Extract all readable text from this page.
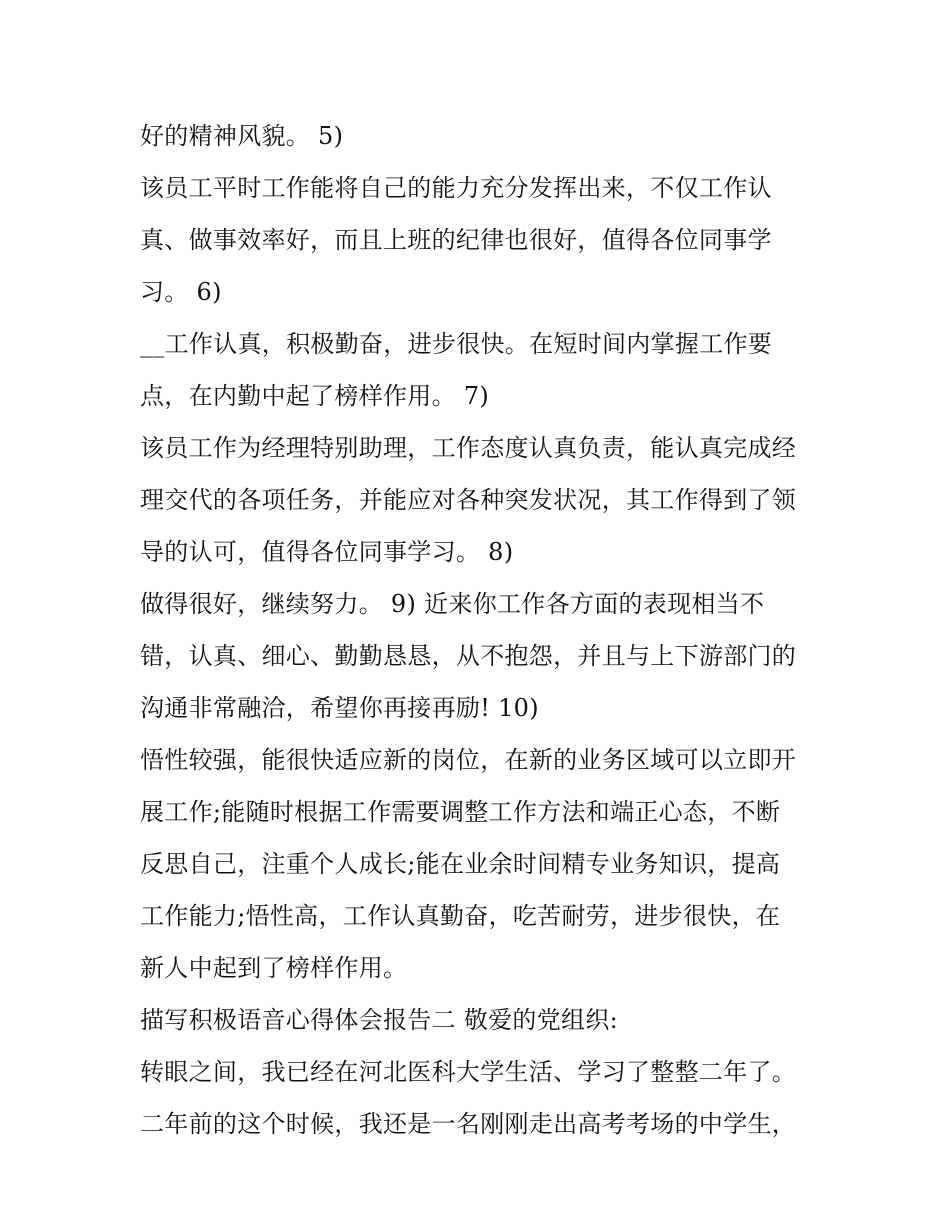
好的精神风貌。 5)
该员工平时工作能将自己的能力充分发挥出来，不仅工作认
真、做事效率好，而且上班的纪律也很好，值得各位同事学
习。 6)
__工作认真，积极勤奋，进步很快。在短时间内掌握工作要
点，在内勤中起了榜样作用。 7)
该员工作为经理特别助理，工作态度认真负责，能认真完成经
理交代的各项任务，并能应对各种突发状况，其工作得到了领
导的认可，值得各位同事学习。 8)
做得很好，继续努力。 9) 近来你工作各方面的表现相当不
错，认真、细心、勤勤恳恳，从不抱怨，并且与上下游部门的
沟通非常融洽，希望你再接再励! 10)
悟性较强，能很快适应新的岗位，在新的业务区域可以立即开
展工作;能随时根据工作需要调整工作方法和端正心态，不断
反思自己，注重个人成长;能在业余时间精专业务知识，提高
工作能力;悟性高，工作认真勤奋，吃苦耐劳，进步很快，在
新人中起到了榜样作用。
描写积极语音心得体会报告二 敬爱的党组织:
转眼之间，我已经在河北医科大学生活、学习了整整二年了。
二年前的这个时候，我还是一名刚刚走出高考考场的中学生，
